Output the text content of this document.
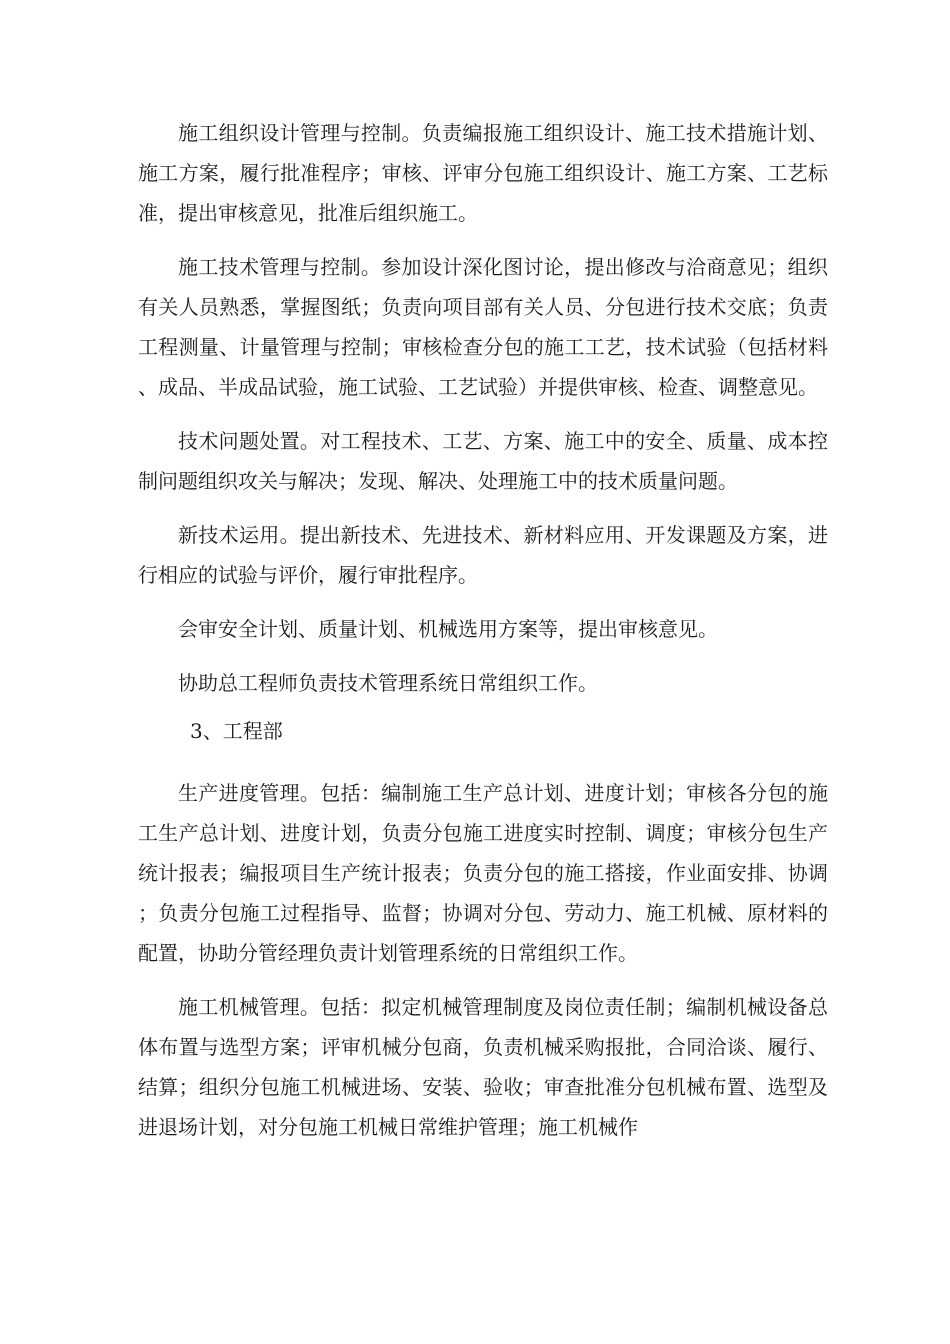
施工组织设计管理与控制。负责编报施工组织设计、施工技术措施计划、施工方案，履行批准程序；审核、评审分包施工组织设计、施工方案、工艺标准，提出审核意见，批准后组织施工。

施工技术管理与控制。参加设计深化图讨论，提出修改与洽商意见；组织有关人员熟悉，掌握图纸；负责向项目部有关人员、分包进行技术交底；负责工程测量、计量管理与控制；审核检查分包的施工工艺，技术试验（包括材料、成品、半成品试验，施工试验、工艺试验）并提供审核、检查、调整意见。

技术问题处置。对工程技术、工艺、方案、施工中的安全、质量、成本控制问题组织攻关与解决；发现、解决、处理施工中的技术质量问题。

新技术运用。提出新技术、先进技术、新材料应用、开发课题及方案，进行相应的试验与评价，履行审批程序。

会审安全计划、质量计划、机械选用方案等，提出审核意见。

协助总工程师负责技术管理系统日常组织工作。

3、工程部

生产进度管理。包括：编制施工生产总计划、进度计划；审核各分包的施工生产总计划、进度计划，负责分包施工进度实时控制、调度；审核分包生产统计报表；编报项目生产统计报表；负责分包的施工搭接，作业面安排、协调；负责分包施工过程指导、监督；协调对分包、劳动力、施工机械、原材料的配置，协助分管经理负责计划管理系统的日常组织工作。

施工机械管理。包括：拟定机械管理制度及岗位责任制；编制机械设备总体布置与选型方案；评审机械分包商，负责机械采购报批，合同洽谈、履行、结算；组织分包施工机械进场、安装、验收；审查批准分包机械布置、选型及进退场计划，对分包施工机械日常维护管理；施工机械作
